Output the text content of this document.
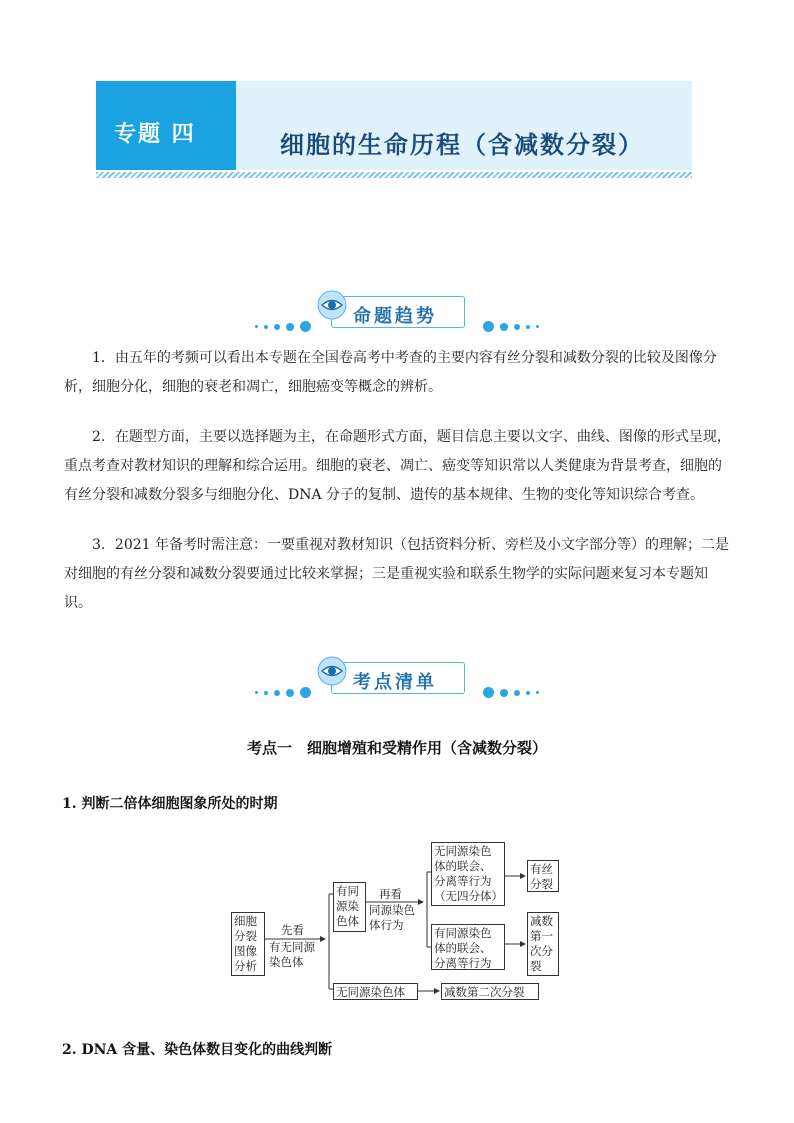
专题 四	细胞的生命历程（含减数分裂）
命题趋势

1．由五年的考频可以看出本专题在全国卷高考中考查的主要内容有丝分裂和减数分裂的比较及图像分析，细胞分化，细胞的衰老和凋亡，细胞癌变等概念的辨析。

2．在题型方面，主要以选择题为主，在命题形式方面，题目信息主要以文字、曲线、图像的形式呈现，重点考查对教材知识的理解和综合运用。细胞的衰老、凋亡、癌变等知识常以人类健康为背景考查，细胞的有丝分裂和减数分裂多与细胞分化、DNA 分子的复制、遗传的基本规律、生物的变化等知识综合考查。

3．2021 年备考时需注意：一要重视对教材知识（包括资料分析、旁栏及小文字部分等）的理解；二是对细胞的有丝分裂和减数分裂要通过比较来掌握；三是重视实验和联系生物学的实际问题来复习本专题知识。

考点清单
考点一　细胞增殖和受精作用（含减数分裂）
1. 判断二倍体细胞图象所处的时期
细胞分裂图像分析
先看
有无同源染色体
有同源染色体
再看
同源染色体行为
无同源染色体的联会、分离等行为（无四分体）
有丝分裂
有同源染色体的联会、分离等行为
减数第一次分裂
无同源染色体	减数第二次分裂
2. DNA 含量、染色体数目变化的曲线判断
